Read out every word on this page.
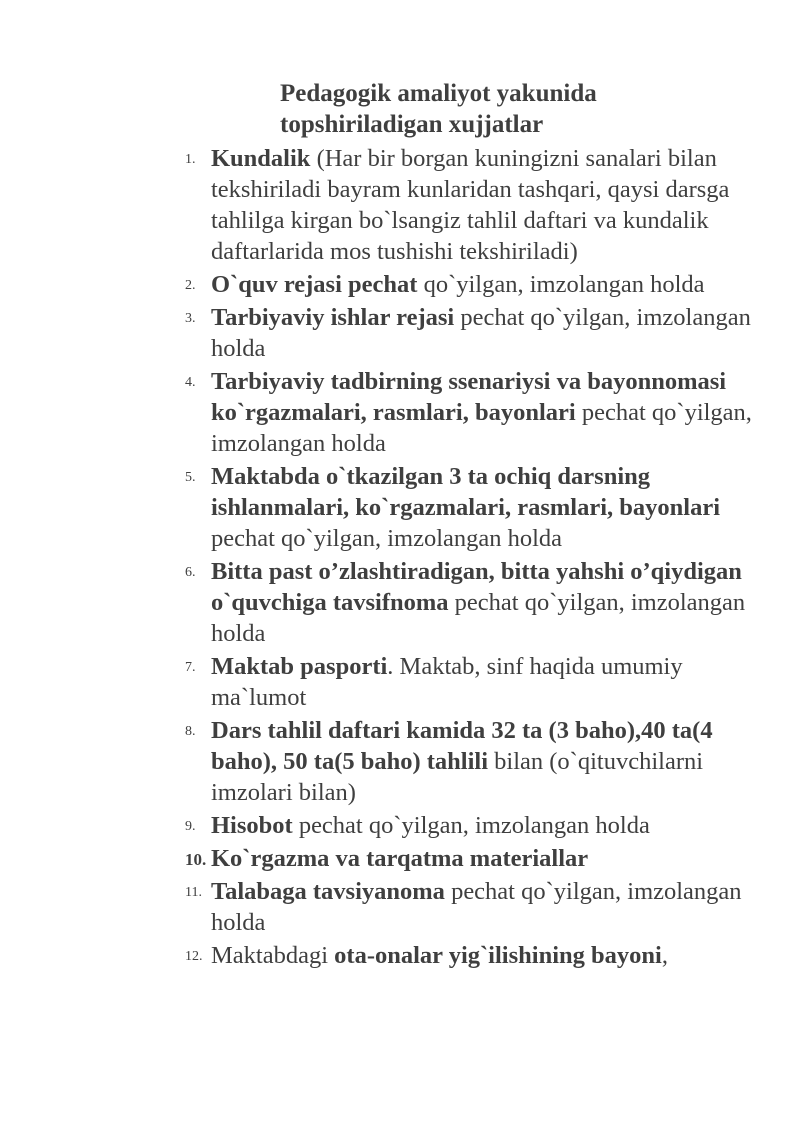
Pedagogik amaliyot yakunida
topshiriladigan xujjatlar
1. Kundalik (Har bir borgan kuningizni sanalari bilan tekshiriladi bayram kunlaridan tashqari, qaysi darsga tahlilga kirgan bo`lsangiz tahlil daftari va kundalik daftarlarida mos tushishi tekshiriladi)
2. O`quv rejasi pechat qo`yilgan, imzolangan holda
3. Tarbiyaviy ishlar rejasi pechat qo`yilgan, imzolangan holda
4. Tarbiyaviy tadbirning ssenariysi va bayonnomasi ko`rgazmalari, rasmlari, bayonlari pechat qo`yilgan, imzolangan holda
5. Maktabda o`tkazilgan 3 ta ochiq darsning ishlanmalari, ko`rgazmalari, rasmlari, bayonlari pechat qo`yilgan, imzolangan holda
6. Bitta past o’zlashtiradigan, bitta yahshi o’qiydigan o`quvchiga tavsifnoma pechat qo`yilgan, imzolangan holda
7. Maktab pasporti. Maktab, sinf haqida umumiy ma`lumot
8. Dars tahlil daftari kamida 32 ta (3 baho),40 ta(4 baho), 50 ta(5 baho) tahlili bilan (o`qituvchilarni imzolari bilan)
9. Hisobot pechat qo`yilgan, imzolangan holda
10. Ko`rgazma va tarqatma materiallar
11. Talabaga tavsiyanoma pechat qo`yilgan, imzolangan holda
12. Maktabdagi ota-onalar yig`ilishining bayoni,
